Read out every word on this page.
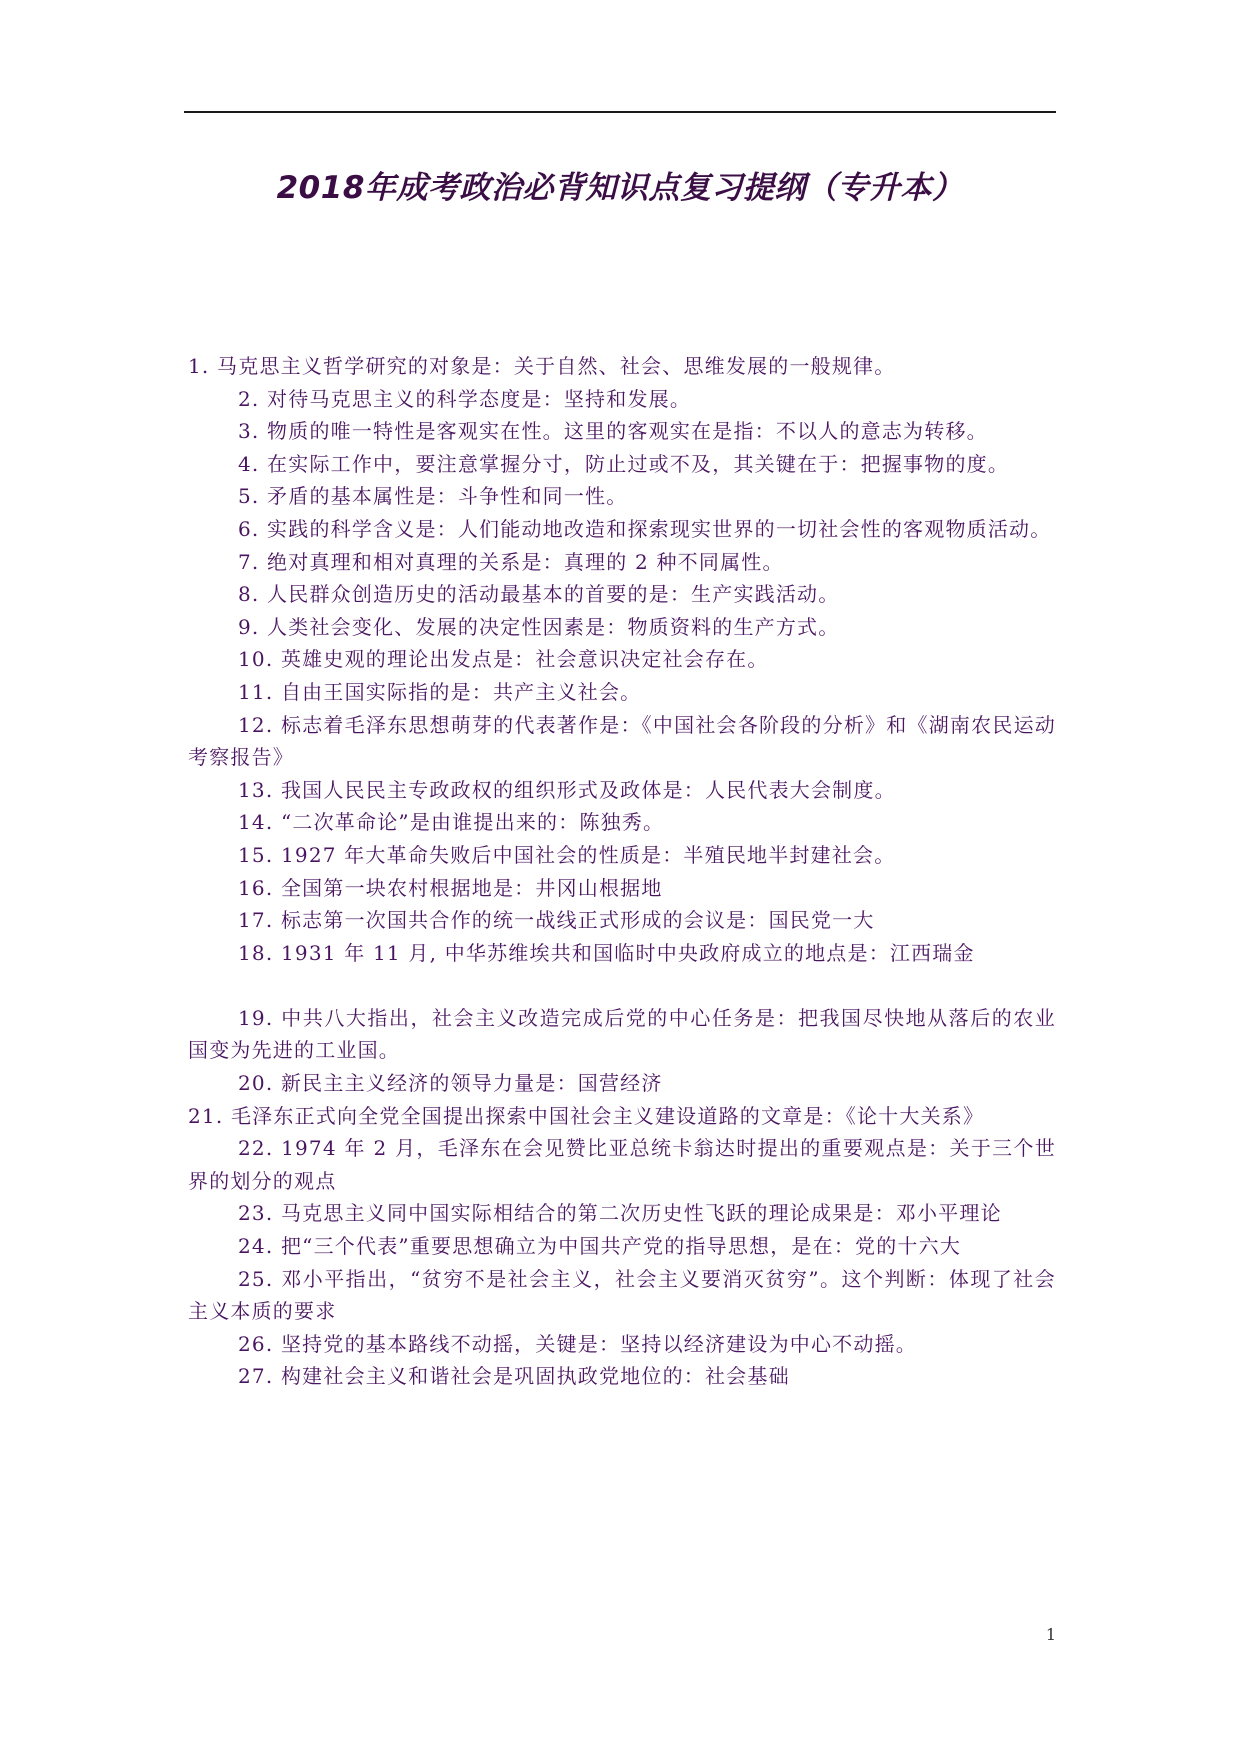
2018年成考政治必背知识点复习提纲（专升本）

1. 马克思主义哲学研究的对象是：关于自然、社会、思维发展的一般规律。

2. 对待马克思主义的科学态度是：坚持和发展。

3. 物质的唯一特性是客观实在性。这里的客观实在是指：不以人的意志为转移。

4. 在实际工作中，要注意掌握分寸，防止过或不及，其关键在于：把握事物的度。

5. 矛盾的基本属性是：斗争性和同一性。

6. 实践的科学含义是：人们能动地改造和探索现实世界的一切社会性的客观物质活动。

7. 绝对真理和相对真理的关系是：真理的 2 种不同属性。

8. 人民群众创造历史的活动最基本的首要的是：生产实践活动。

9. 人类社会变化、发展的决定性因素是：物质资料的生产方式。

10. 英雄史观的理论出发点是：社会意识决定社会存在。

11. 自由王国实际指的是：共产主义社会。

12. 标志着毛泽东思想萌芽的代表著作是：《中国社会各阶段的分析》和《湖南农民运动考察报告》

13. 我国人民民主专政政权的组织形式及政体是：人民代表大会制度。

14. “二次革命论”是由谁提出来的：陈独秀。

15. 1927 年大革命失败后中国社会的性质是：半殖民地半封建社会。

16. 全国第一块农村根据地是：井冈山根据地

17. 标志第一次国共合作的统一战线正式形成的会议是：国民党一大

18. 1931 年 11 月, 中华苏维埃共和国临时中央政府成立的地点是：江西瑞金

19. 中共八大指出，社会主义改造完成后党的中心任务是：把我国尽快地从落后的农业国变为先进的工业国。

20. 新民主主义经济的领导力量是：国营经济

21. 毛泽东正式向全党全国提出探索中国社会主义建设道路的文章是：《论十大关系》

22. 1974 年 2 月，毛泽东在会见赞比亚总统卡翁达时提出的重要观点是：关于三个世界的划分的观点

23. 马克思主义同中国实际相结合的第二次历史性飞跃的理论成果是：邓小平理论

24. 把“三个代表”重要思想确立为中国共产党的指导思想，是在：党的十六大

25. 邓小平指出，“贫穷不是社会主义，社会主义要消灭贫穷”。这个判断：体现了社会主义本质的要求

26. 坚持党的基本路线不动摇，关键是：坚持以经济建设为中心不动摇。

27. 构建社会主义和谐社会是巩固执政党地位的：社会基础

1
